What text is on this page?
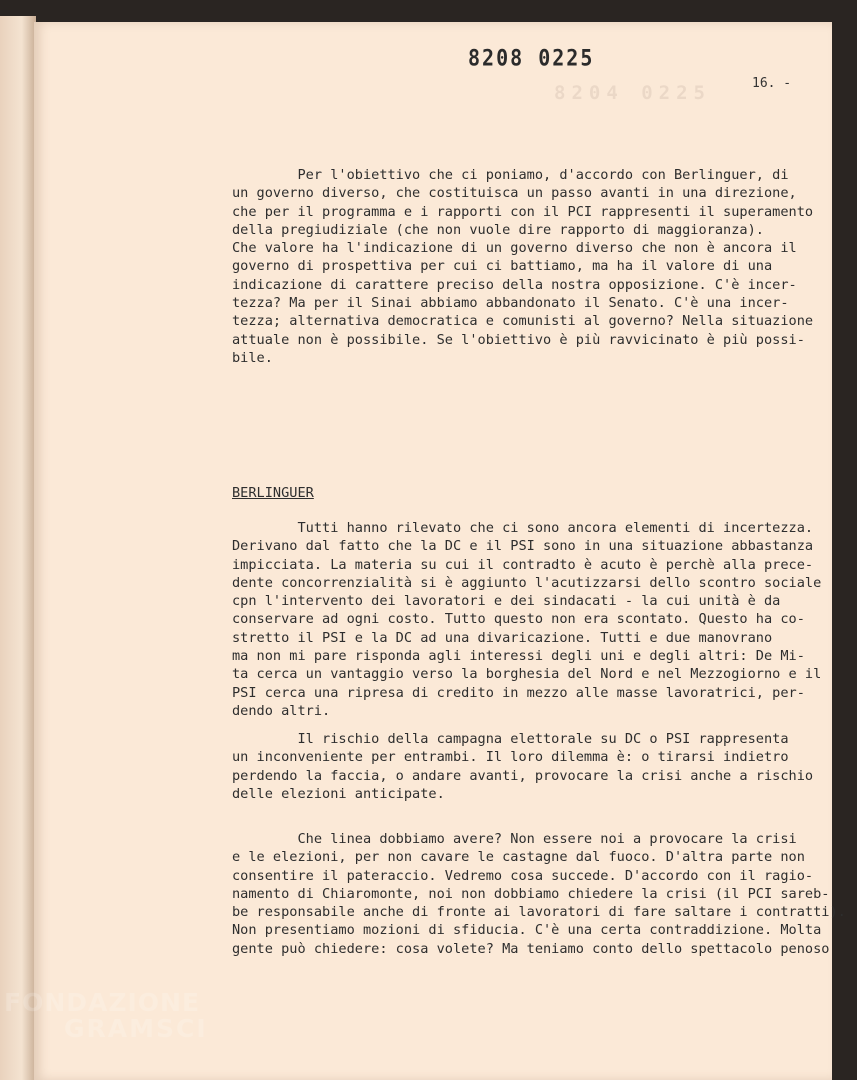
8204 0225
8208 0225
16. -
Per l'obiettivo che ci poniamo, d'accordo con Berlinguer, di
un governo diverso, che costituisca un passo avanti in una direzione,
che per il programma e i rapporti con il PCI rappresenti il superamento
della pregiudiziale (che non vuole dire rapporto di maggioranza).
Che valore ha l'indicazione di un governo diverso che non è ancora il
governo di prospettiva per cui ci battiamo, ma ha il valore di una
indicazione di carattere preciso della nostra opposizione. C'è incer-
tezza? Ma per il Sinai abbiamo abbandonato il Senato. C'è una incer-
tezza; alternativa democratica e comunisti al governo? Nella situazione
attuale non è possibile. Se l'obiettivo è più ravvicinato è più possi-
bile.
BERLINGUER
Tutti hanno rilevato che ci sono ancora elementi di incertezza.
Derivano dal fatto che la DC e il PSI sono in una situazione abbastanza
impicciata. La materia su cui il contradto è acuto è perchè alla prece-
dente concorrenzialità si è aggiunto l'acutizzarsi dello scontro sociale
cpn l'intervento dei lavoratori e dei sindacati - la cui unità è da
conservare ad ogni costo. Tutto questo non era scontato. Questo ha co-
stretto il PSI e la DC ad una divaricazione. Tutti e due manovrano
ma non mi pare risponda agli interessi degli uni e degli altri: De Mi-
ta cerca un vantaggio verso la borghesia del Nord e nel Mezzogiorno e il
PSI cerca una ripresa di credito in mezzo alle masse lavoratrici, per-
dendo altri.
Il rischio della campagna elettorale su DC o PSI rappresenta
un inconveniente per entrambi. Il loro dilemma è: o tirarsi indietro
perdendo la faccia, o andare avanti, provocare la crisi anche a rischio
delle elezioni anticipate.
Che linea dobbiamo avere? Non essere noi a provocare la crisi
e le elezioni, per non cavare le castagne dal fuoco. D'altra parte non
consentire il pateraccio. Vedremo cosa succede. D'accordo con il ragio-
namento di Chiaromonte, noi non dobbiamo chiedere la crisi (il PCI sareb-
be responsabile anche di fronte ai lavoratori di fare saltare i contratti).
Non presentiamo mozioni di sfiducia. C'è una certa contraddizione. Molta
gente può chiedere: cosa volete? Ma teniamo conto dello spettacolo penoso
FONDAZIONE
GRAMSCI
